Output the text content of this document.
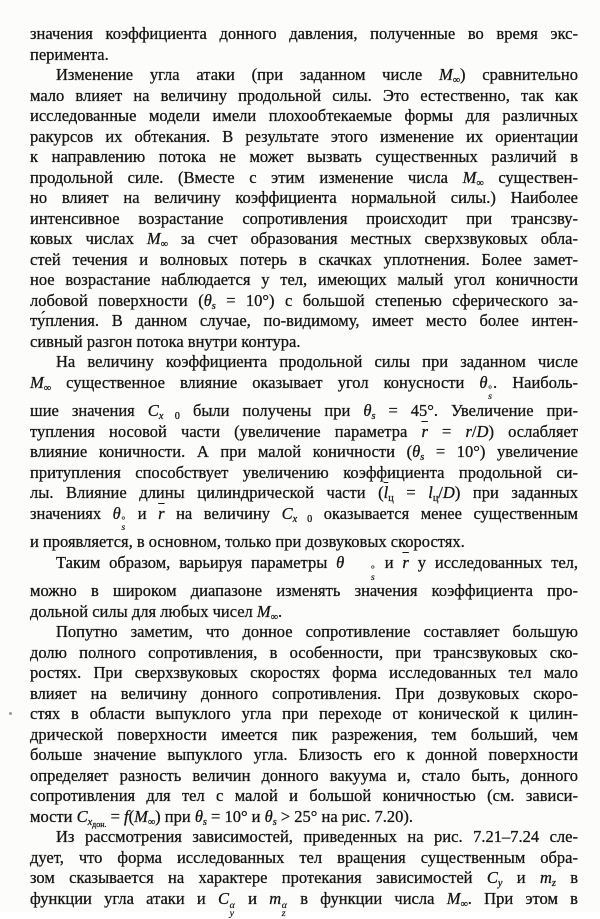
значения коэффициента донного давления, полученные во время экс-
перимента.
Изменение угла атаки (при заданном числе $M_\infty$) сравнительно
мало влияет на величину продольной силы. Это естественно, так как
исследованные модели имели плохообтекаемые формы для различных
ракурсов их обтекания. В результате этого изменение их ориентации
к направлению потока не может вызвать существенных различий в
продольной силе. (Вместе с этим изменение числа $M_\infty$ существен-
но влияет на величину коэффициента нормальной силы.) Наиболее
интенсивное возрастание сопротивления происходит при трансзву-
ковых числах $M_\infty$ за счет образования местных сверхзвуковых обла-
стей течения и волновых потерь в скачках уплотнения. Более замет-
ное возрастание наблюдается у тел, имеющих малый угол коничности
лобовой поверхности $(\theta_s = 10^\circ)$ с большой степенью сферического за-
ту́пления. В данном случае, по-видимому, имеет место более интен-
сивный разгон потока внутри контура.
На величину коэффициента продольной силы при заданном числе
$M_\infty$ существенное влияние оказывает угол конусности θ °
s
. Наиболь-
шие значения $C_{x 0}$ были получены при $\theta_s = 45^\circ$. Увеличение при-
тупления носовой части (увеличение параметра $\overline{r} = r/D$) ослабляет
влияние коничности. А при малой коничности $(\theta_s = 10^\circ)$ увеличение
притупления способствует увеличению коэффициента продольной си-
лы. Влияние длины цилиндрической части $(\overline{l}_ц = l_ц/D)$ при заданных
значениях θ °
s
и $\overline{r}$ на величину $C_{x 0}$ оказывается менее существенным
и проявляется, в основном, только при дозвуковых скоростях.
Таким образом, варьируя параметры θ	°
s
и $\overline{r}$ у исследованных тел,
можно в широком диапазоне изменять значения коэффициента про-
дольной силы для любых чисел $M_\infty$.
Попутно заметим, что донное сопротивление составляет большую
долю полного сопротивления, в особенности, при трансзвуковых ско-
ростях. При сверхзвуковых скоростях форма исследованных тел мало
влияет на величину донного сопротивления. При дозвуковых скоро-
стях в области выпуклого угла при переходе от конической к цилин-
дрической поверхности имеется пик разрежения, тем больший, чем
больше значение выпуклого угла. Близость его к донной поверхности
определяет разность величин донного вакуума и, стало быть, донного
сопротивления для тел с малой и большой коничностью (см. зависи-
мости $C_{x_{дон.}} = f(M_\infty)$ при $\theta_s = 10^\circ$ и $\theta_s > 25^\circ$ на рис. 7.20).
Из рассмотрения зависимостей, приведенных на рис. 7.21–7.24 сле-
дует, что форма исследованных тел вращения существенным обра-
зом сказывается на характере протекания зависимостей $C_y$ и $m_z$ в
функции угла атаки и C α
y
и m α
z
в функции числа $M_\infty$. При этом в
